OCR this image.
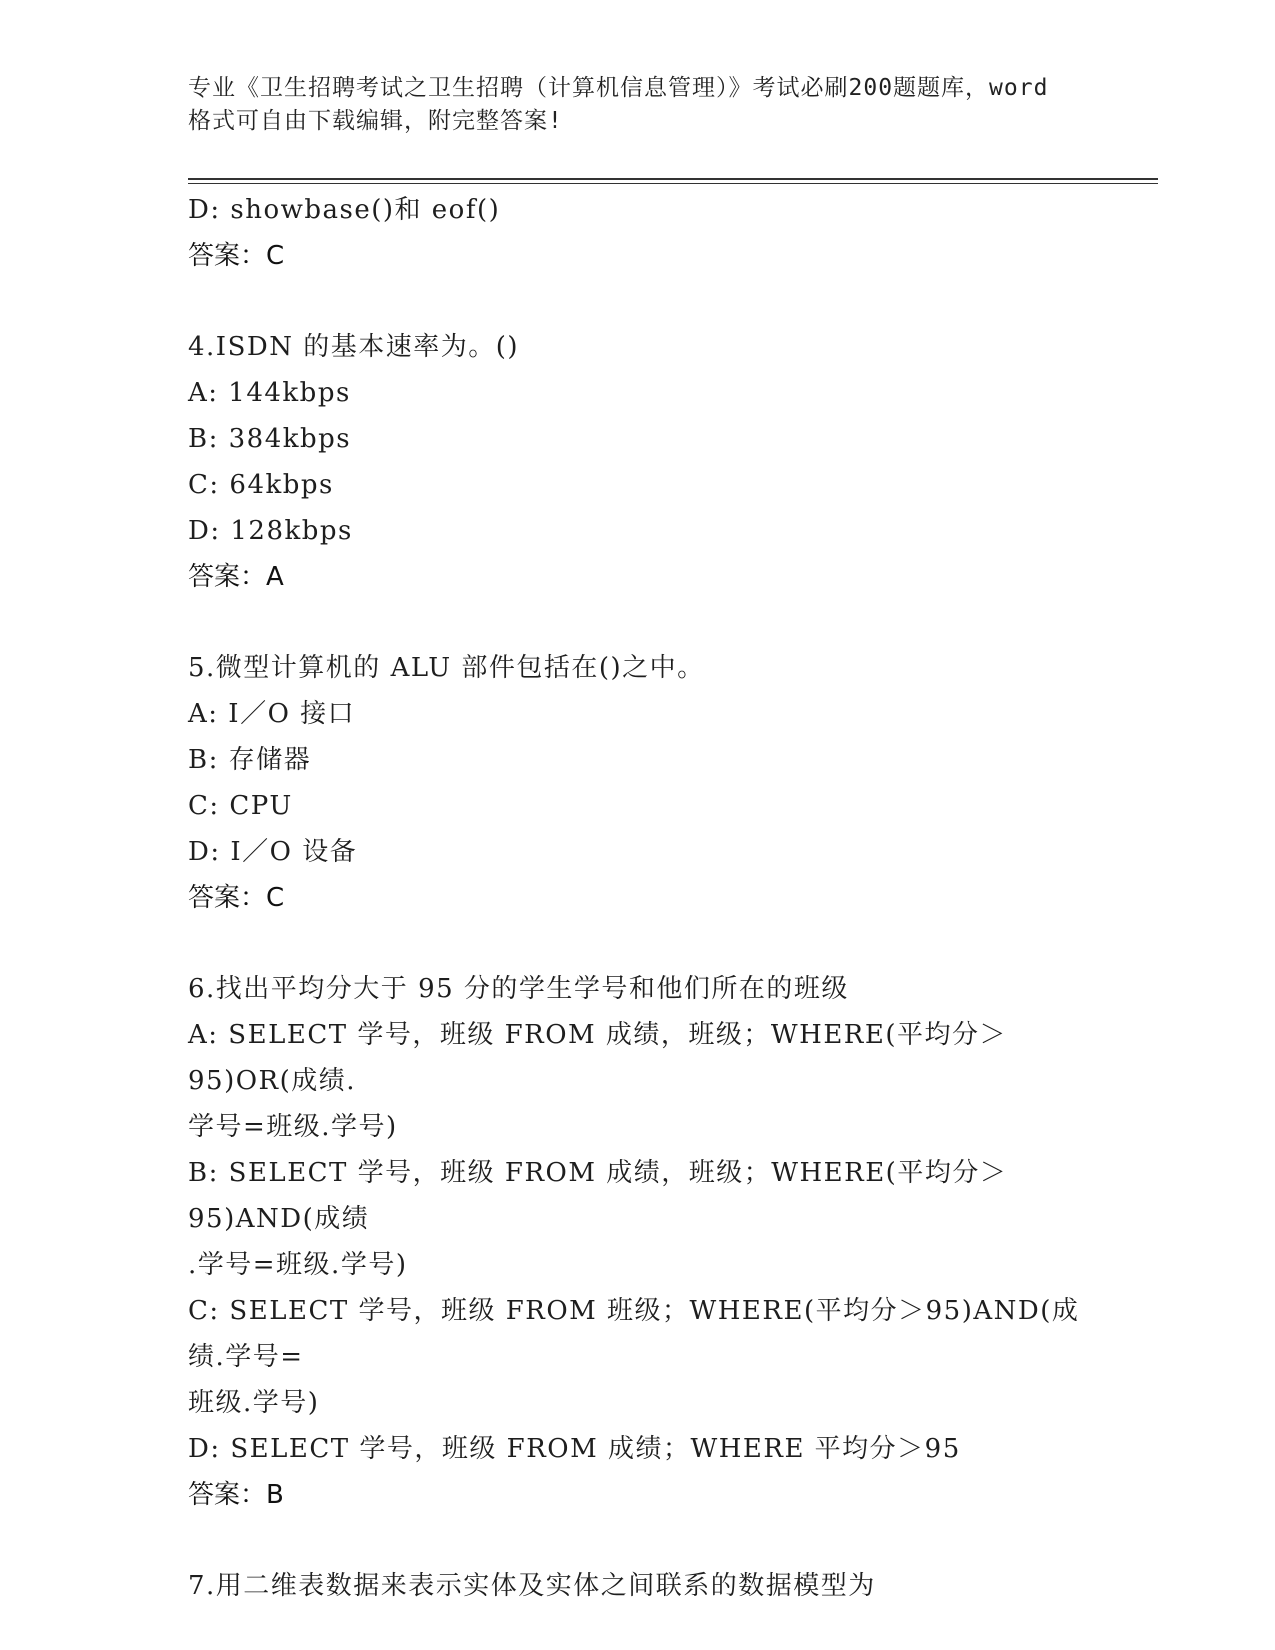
专业《卫生招聘考试之卫生招聘（计算机信息管理）》考试必刷200题题库，word
格式可自由下载编辑，附完整答案!
D: showbase()和 eof()
答案：C
4.ISDN 的基本速率为。()
A: 144kbps
B: 384kbps
C: 64kbps
D: 128kbps
答案：A
5.微型计算机的 ALU 部件包括在()之中。
A: I／O 接口
B: 存储器
C: CPU
D: I／O 设备
答案：C
6.找出平均分大于 95 分的学生学号和他们所在的班级
A: SELECT 学号，班级 FROM 成绩，班级；WHERE(平均分＞95)OR(成绩.
学号=班级.学号)
B: SELECT 学号，班级 FROM 成绩，班级；WHERE(平均分＞95)AND(成绩
.学号=班级.学号)
C: SELECT 学号，班级 FROM 班级；WHERE(平均分＞95)AND(成绩.学号=
班级.学号)
D: SELECT 学号，班级 FROM 成绩；WHERE 平均分＞95
答案：B
7.用二维表数据来表示实体及实体之间联系的数据模型为
